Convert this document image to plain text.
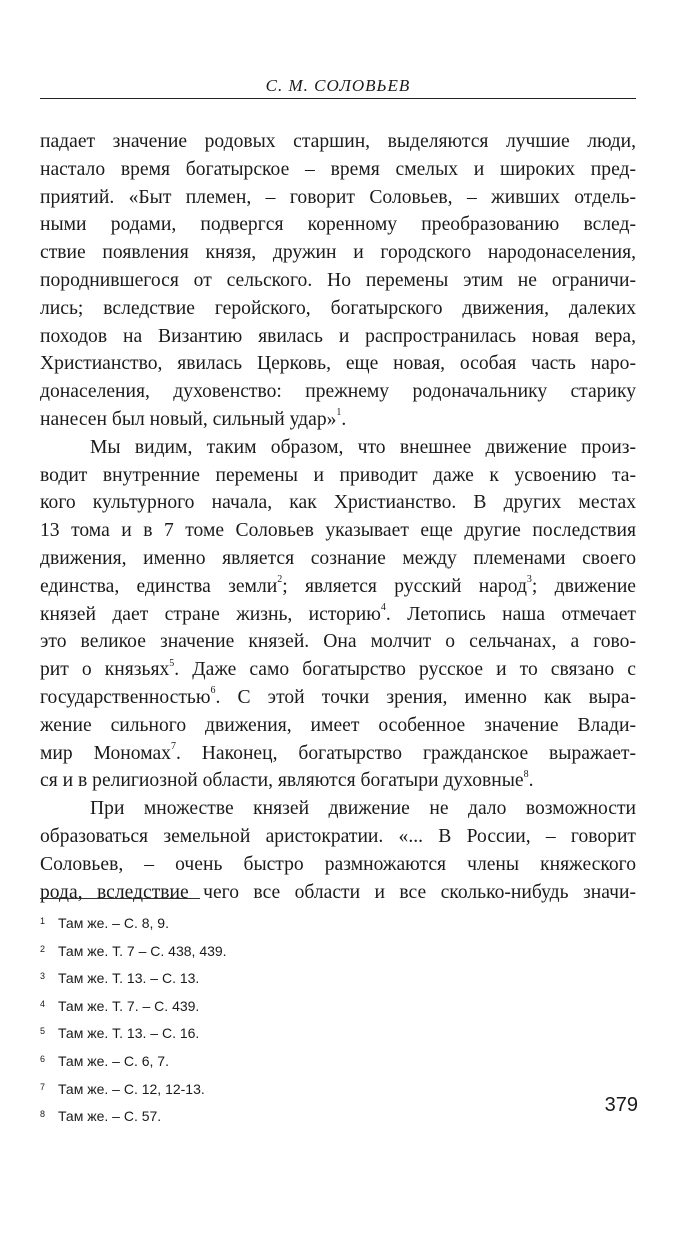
С. М. СОЛОВЬЕВ
падает значение родовых старшин, выделяются лучшие люди,
настало время богатырское – время смелых и широких пред-
приятий. «Быт племен, – говорит Соловьев, – живших отдель-
ными родами, подвергся коренному преобразованию вслед-
ствие появления князя, дружин и городского народонаселения,
породнившегося от сельского. Но перемены этим не ограничи-
лись; вследствие геройского, богатырского движения, далеких
походов на Византию явилась и распространилась новая вера,
Христианство, явилась Церковь, еще новая, особая часть наро-
донаселения, духовенство: прежнему родоначальнику старику
нанесен был новый, сильный удар»$^1$.
Мы видим, таким образом, что внешнее движение произ-
водит внутренние перемены и приводит даже к усвоению та-
кого культурного начала, как Христианство. В других местах
13 тома и в 7 томе Соловьев указывает еще другие последствия
движения, именно является сознание между племенами своего
единства, единства земли$^2$; является русский народ$^3$; движение
князей дает стране жизнь, историю$^4$. Летопись наша отмечает
это великое значение князей. Она молчит о сельчанах, а гово-
рит о князьях$^5$. Даже само богатырство русское и то связано с
государственностью$^6$. С этой точки зрения, именно как выра-
жение сильного движения, имеет особенное значение Влади-
мир Мономах$^7$. Наконец, богатырство гражданское выражает-
ся и в религиозной области, являются богатыри духовные$^8$.
При множестве князей движение не дало возможности
образоваться земельной аристократии. «... В России, – говорит
Соловьев, – очень быстро размножаются члены княжеского
рода, вследствие чего все области и все сколько-нибудь значи-
1 Там же. – С. 8, 9.
2 Там же. Т. 7 – С. 438, 439.
3 Там же. Т. 13. – С. 13.
4 Там же. Т. 7. – С. 439.
5 Там же. Т. 13. – С. 16.
6 Там же. – С. 6, 7.
7 Там же. – С. 12, 12-13.
8 Там же. – С. 57.
379
